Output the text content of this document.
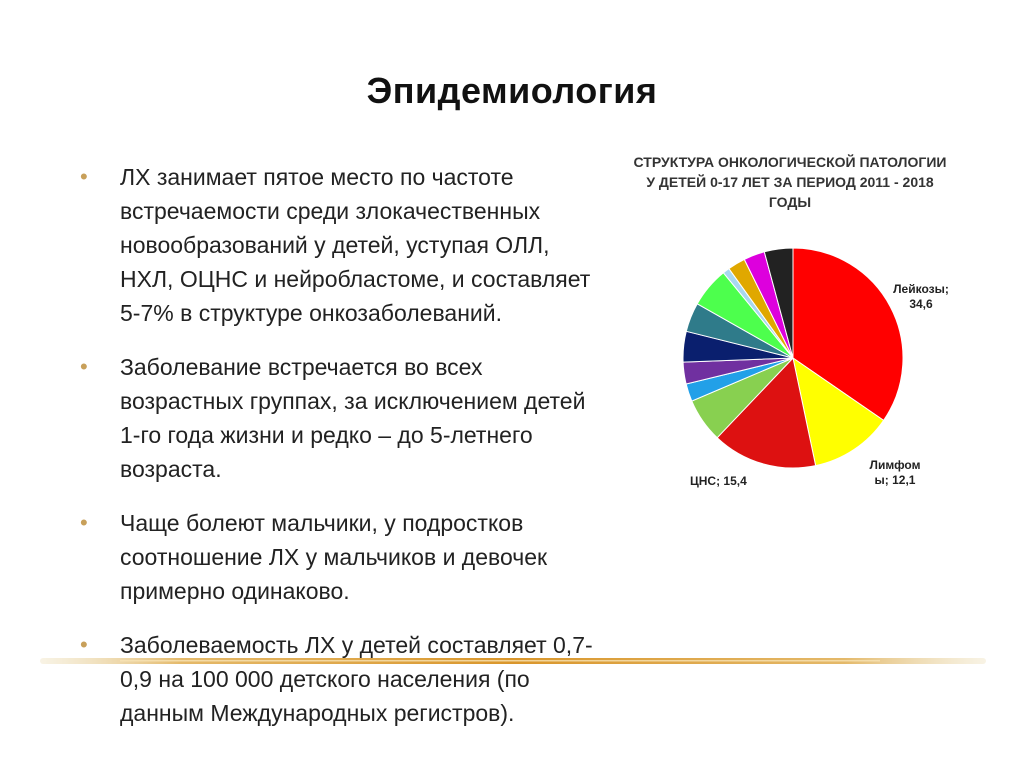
Эпидемиология
• ЛХ занимает пятое место по частоте встречаемости среди злокачественных новообразований у детей, уступая ОЛЛ, НХЛ, ОЦНС и нейробластоме, и составляет 5-7% в структуре онкозаболеваний.
• Заболевание встречается во всех возрастных группах, за исключением детей 1-го года жизни и редко – до 5-летнего возраста.
• Чаще болеют мальчики, у подростков соотношение ЛХ у мальчиков и девочек примерно одинаково.
• Заболеваемость ЛХ у детей составляет 0,7-0,9 на 100 000 детского населения (по данным Международных регистров).
СТРУКТУРА ОНКОЛОГИЧЕСКОЙ ПАТОЛОГИИ У ДЕТЕЙ 0-17 ЛЕТ ЗА ПЕРИОД 2011 - 2018 ГОДЫ
Лейкозы;
34,6
Лимфом
ы; 12,1
ЦНС; 15,4
